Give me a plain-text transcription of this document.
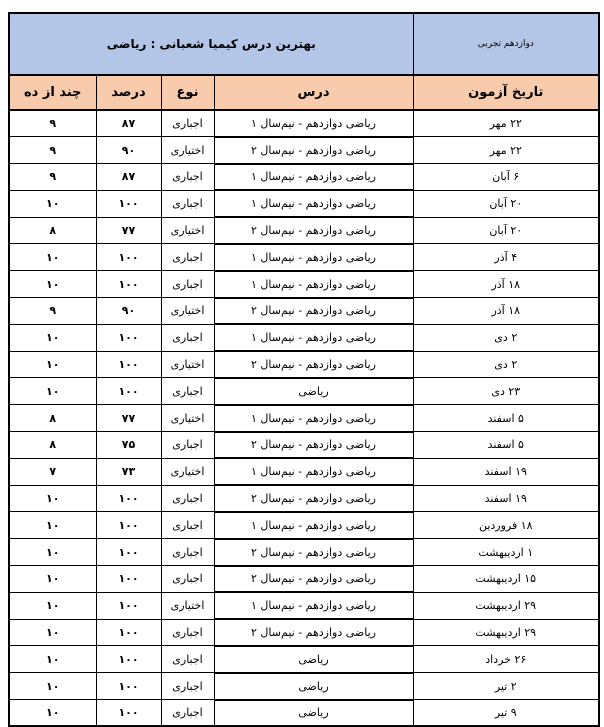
دوازدهم تجربی	بهترین درس کیمیا شعبانی : ریاضی			
تاریخ آزمون	درس	نوع	درصد	چند از ده
۲۲ مهر	ریاضی دوازدهم - نیم‌سال ۱	اجباری	۸۷	۹
۲۲ مهر	ریاضی دوازدهم - نیم‌سال ۲	اختیاری	۹۰	۹
۶ آبان	ریاضی دوازدهم - نیم‌سال ۱	اجباری	۸۷	۹
۲۰ آبان	ریاضی دوازدهم - نیم‌سال ۱	اجباری	۱۰۰	۱۰
۲۰ آبان	ریاضی دوازدهم - نیم‌سال ۲	اختیاری	۷۷	۸
۴ آذر	ریاضی دوازدهم - نیم‌سال ۱	اجباری	۱۰۰	۱۰
۱۸ آذر	ریاضی دوازدهم - نیم‌سال ۱	اجباری	۱۰۰	۱۰
۱۸ آذر	ریاضی دوازدهم - نیم‌سال ۲	اختیاری	۹۰	۹
۲ دی	ریاضی دوازدهم - نیم‌سال ۱	اجباری	۱۰۰	۱۰
۲ دی	ریاضی دوازدهم - نیم‌سال ۲	اختیاری	۱۰۰	۱۰
۲۳ دی	ریاضی	اجباری	۱۰۰	۱۰
۵ اسفند	ریاضی دوازدهم - نیم‌سال ۱	اختیاری	۷۷	۸
۵ اسفند	ریاضی دوازدهم - نیم‌سال ۲	اجباری	۷۵	۸
۱۹ اسفند	ریاضی دوازدهم - نیم‌سال ۱	اختیاری	۷۳	۷
۱۹ اسفند	ریاضی دوازدهم - نیم‌سال ۲	اجباری	۱۰۰	۱۰
۱۸ فروردین	ریاضی دوازدهم - نیم‌سال ۱	اجباری	۱۰۰	۱۰
۱ اردیبهشت	ریاضی دوازدهم - نیم‌سال ۲	اجباری	۱۰۰	۱۰
۱۵ اردیبهشت	ریاضی دوازدهم - نیم‌سال ۲	اجباری	۱۰۰	۱۰
۲۹ اردیبهشت	ریاضی دوازدهم - نیم‌سال ۱	اختیاری	۱۰۰	۱۰
۲۹ اردیبهشت	ریاضی دوازدهم - نیم‌سال ۲	اجباری	۱۰۰	۱۰
۲۶ خرداد	ریاضی	اجباری	۱۰۰	۱۰
۲ تیر	ریاضی	اجباری	۱۰۰	۱۰
۹ تیر	ریاضی	اجباری	۱۰۰	۱۰
